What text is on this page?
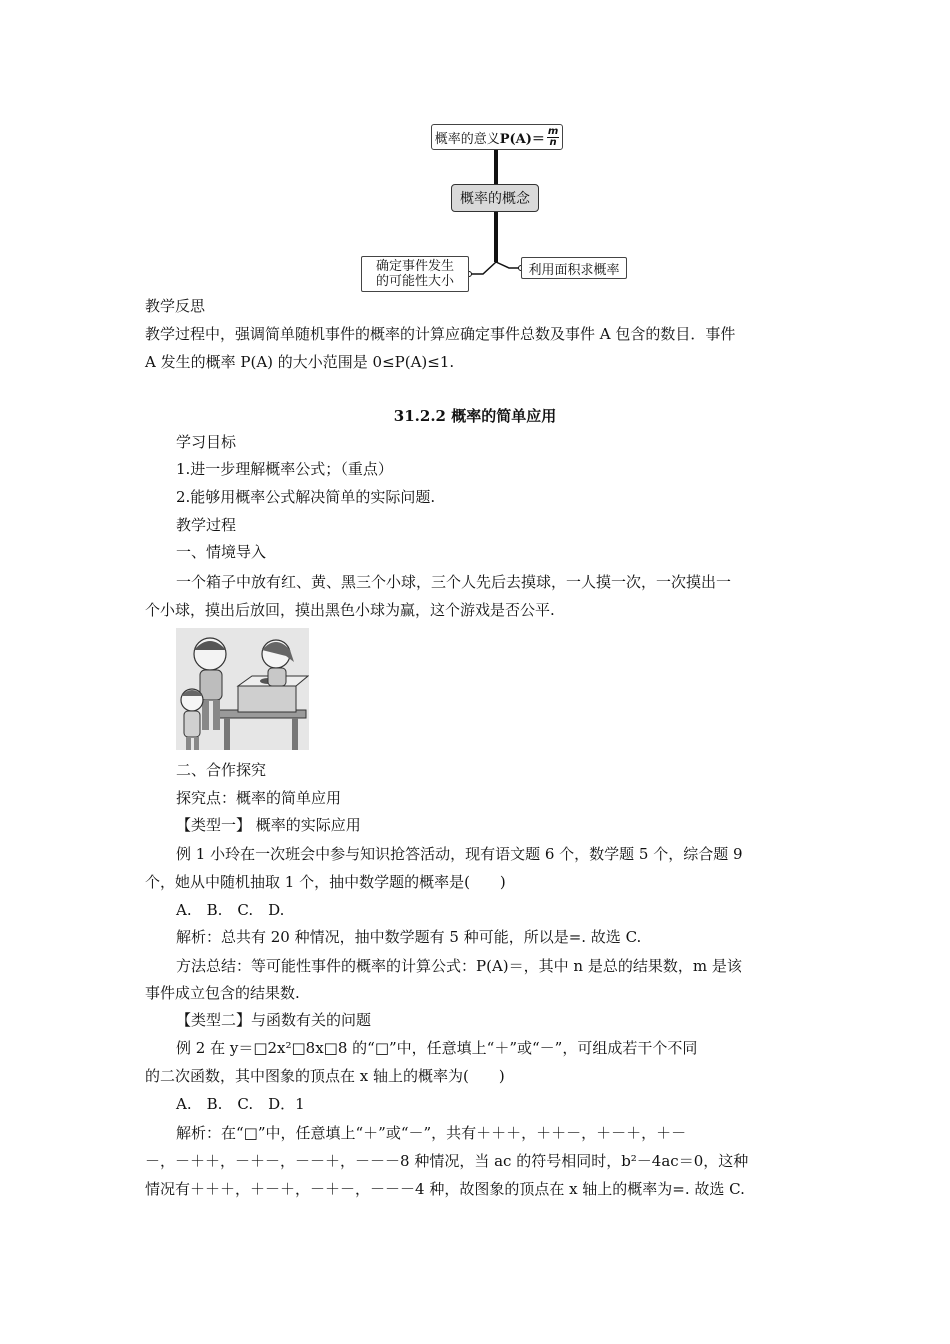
概率的意义 $P(A)= \frac{m}{n}$
概率的概念
确定事件发生
的可能性大小
利用面积求概率
教学反思
教学过程中，强调简单随机事件的概率的计算应确定事件总数及事件 A 包含的数目．事件
A 发生的概率 P(A) 的大小范围是 0≤P(A)≤1.
31.2.2 概率的简单应用
学习目标
1.进一步理解概率公式；（重点）
2.能够用概率公式解决简单的实际问题.
教学过程
一、情境导入
一个箱子中放有红、黄、黑三个小球，三个人先后去摸球，一人摸一次，一次摸出一
个小球，摸出后放回，摸出黑色小球为赢，这个游戏是否公平.
二、合作探究
探究点：概率的简单应用
【类型一】 概率的实际应用
例 1 小玲在一次班会中参与知识抢答活动，现有语文题 6 个，数学题 5 个，综合题 9
个，她从中随机抽取 1 个，抽中数学题的概率是(　　)
A.　B.　C.　D.
解析：总共有 20 种情况，抽中数学题有 5 种可能，所以是=. 故选 C.
方法总结：等可能性事件的概率的计算公式：P(A)＝，其中 n 是总的结果数，m 是该
事件成立包含的结果数.
【类型二】与函数有关的问题
例 2 在 y＝□2x²□8x□8 的“□”中，任意填上“＋”或“－”，可组成若干个不同
的二次函数，其中图象的顶点在 x 轴上的概率为(　　)
A.　B.　C.　D．1
解析：在“□”中，任意填上“＋”或“－”，共有＋＋＋，＋＋－，＋－＋，＋－
－，－＋＋，－＋－，－－＋，－－－8 种情况，当 ac 的符号相同时，b²－4ac＝0，这种
情况有＋＋＋，＋－＋，－＋－，－－－4 种，故图象的顶点在 x 轴上的概率为=. 故选 C.
